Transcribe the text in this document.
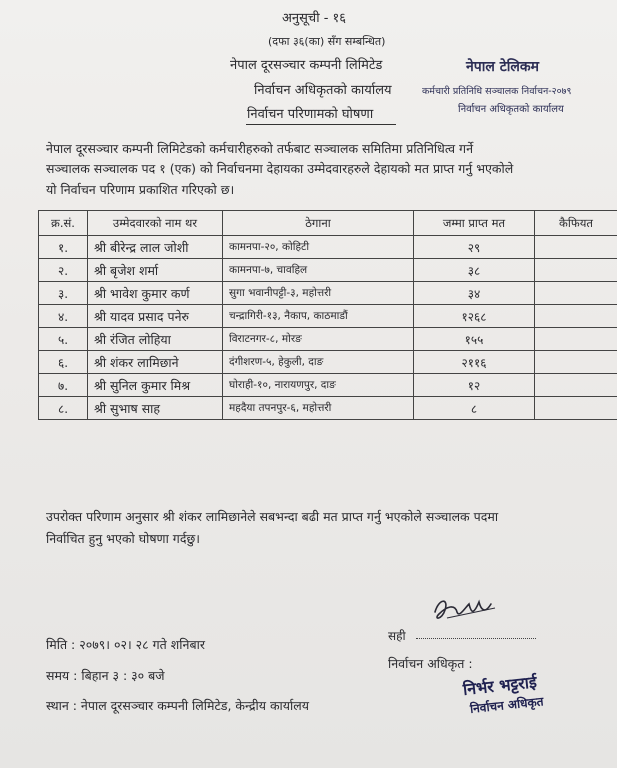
अनुसूची - १६
(दफा ३६(का) सँग सम्बन्धित)
नेपाल दूरसञ्चार कम्पनी लिमिटेड
निर्वाचन अधिकृतको कार्यालय
निर्वाचन परिणामको घोषणा
नेपाल टेलिकम
कर्मचारी प्रतिनिधि सञ्चालक निर्वाचन-२०७९
निर्वाचन अधिकृतको कार्यालय
नेपाल दूरसञ्चार कम्पनी लिमिटेडको कर्मचारीहरुको तर्फबाट सञ्चालक समितिमा प्रतिनिधित्व गर्ने
सञ्चालक सञ्चालक पद १ (एक) को निर्वाचनमा देहायका उम्मेदवारहरुले देहायको मत प्राप्त गर्नु भएकोले
यो निर्वाचन परिणाम प्रकाशित गरिएको छ।
क्र.सं.	उम्मेदवारको नाम थर	ठेगाना	जम्मा प्राप्त मत	कैफियत
१.	श्री बीरेन्द्र लाल जोशी	कामनपा-२०, कोहिटी	२९	
२.	श्री बृजेश शर्मा	कामनपा-७, चावहिल	३८	
३.	श्री भावेश कुमार कर्ण	सुगा भवानीपट्टी-३, महोत्तरी	३४	
४.	श्री यादव प्रसाद पनेरु	चन्द्रागिरी-१३, नैकाप, काठमाडौं	१२६८	
५.	श्री रंजित लोहिया	विराटनगर-८, मोरङ	१५५	
६.	श्री शंकर लामिछाने	दंगीशरण-५, हेकुली, दाङ	२११६	
७.	श्री सुनिल कुमार मिश्र	घोराही-१०, नारायणपुर, दाङ	१२	
८.	श्री सुभाष साह	महदैया तपनपुर-६, महोत्तरी	८	
उपरोक्त परिणाम अनुसार श्री शंकर लामिछानेले सबभन्दा बढी मत प्राप्त गर्नु भएकोले सञ्चालक पदमा
निर्वाचित हुनु भएको घोषणा गर्दछु।
सही
निर्वाचन अधिकृत :
निर्भर भट्टराई
निर्वाचन अधिकृत
मिति : २०७९। ०२। २८ गते शनिबार
समय : बिहान ३ : ३० बजे
स्थान : नेपाल दूरसञ्चार कम्पनी लिमिटेड, केन्द्रीय कार्यालय
